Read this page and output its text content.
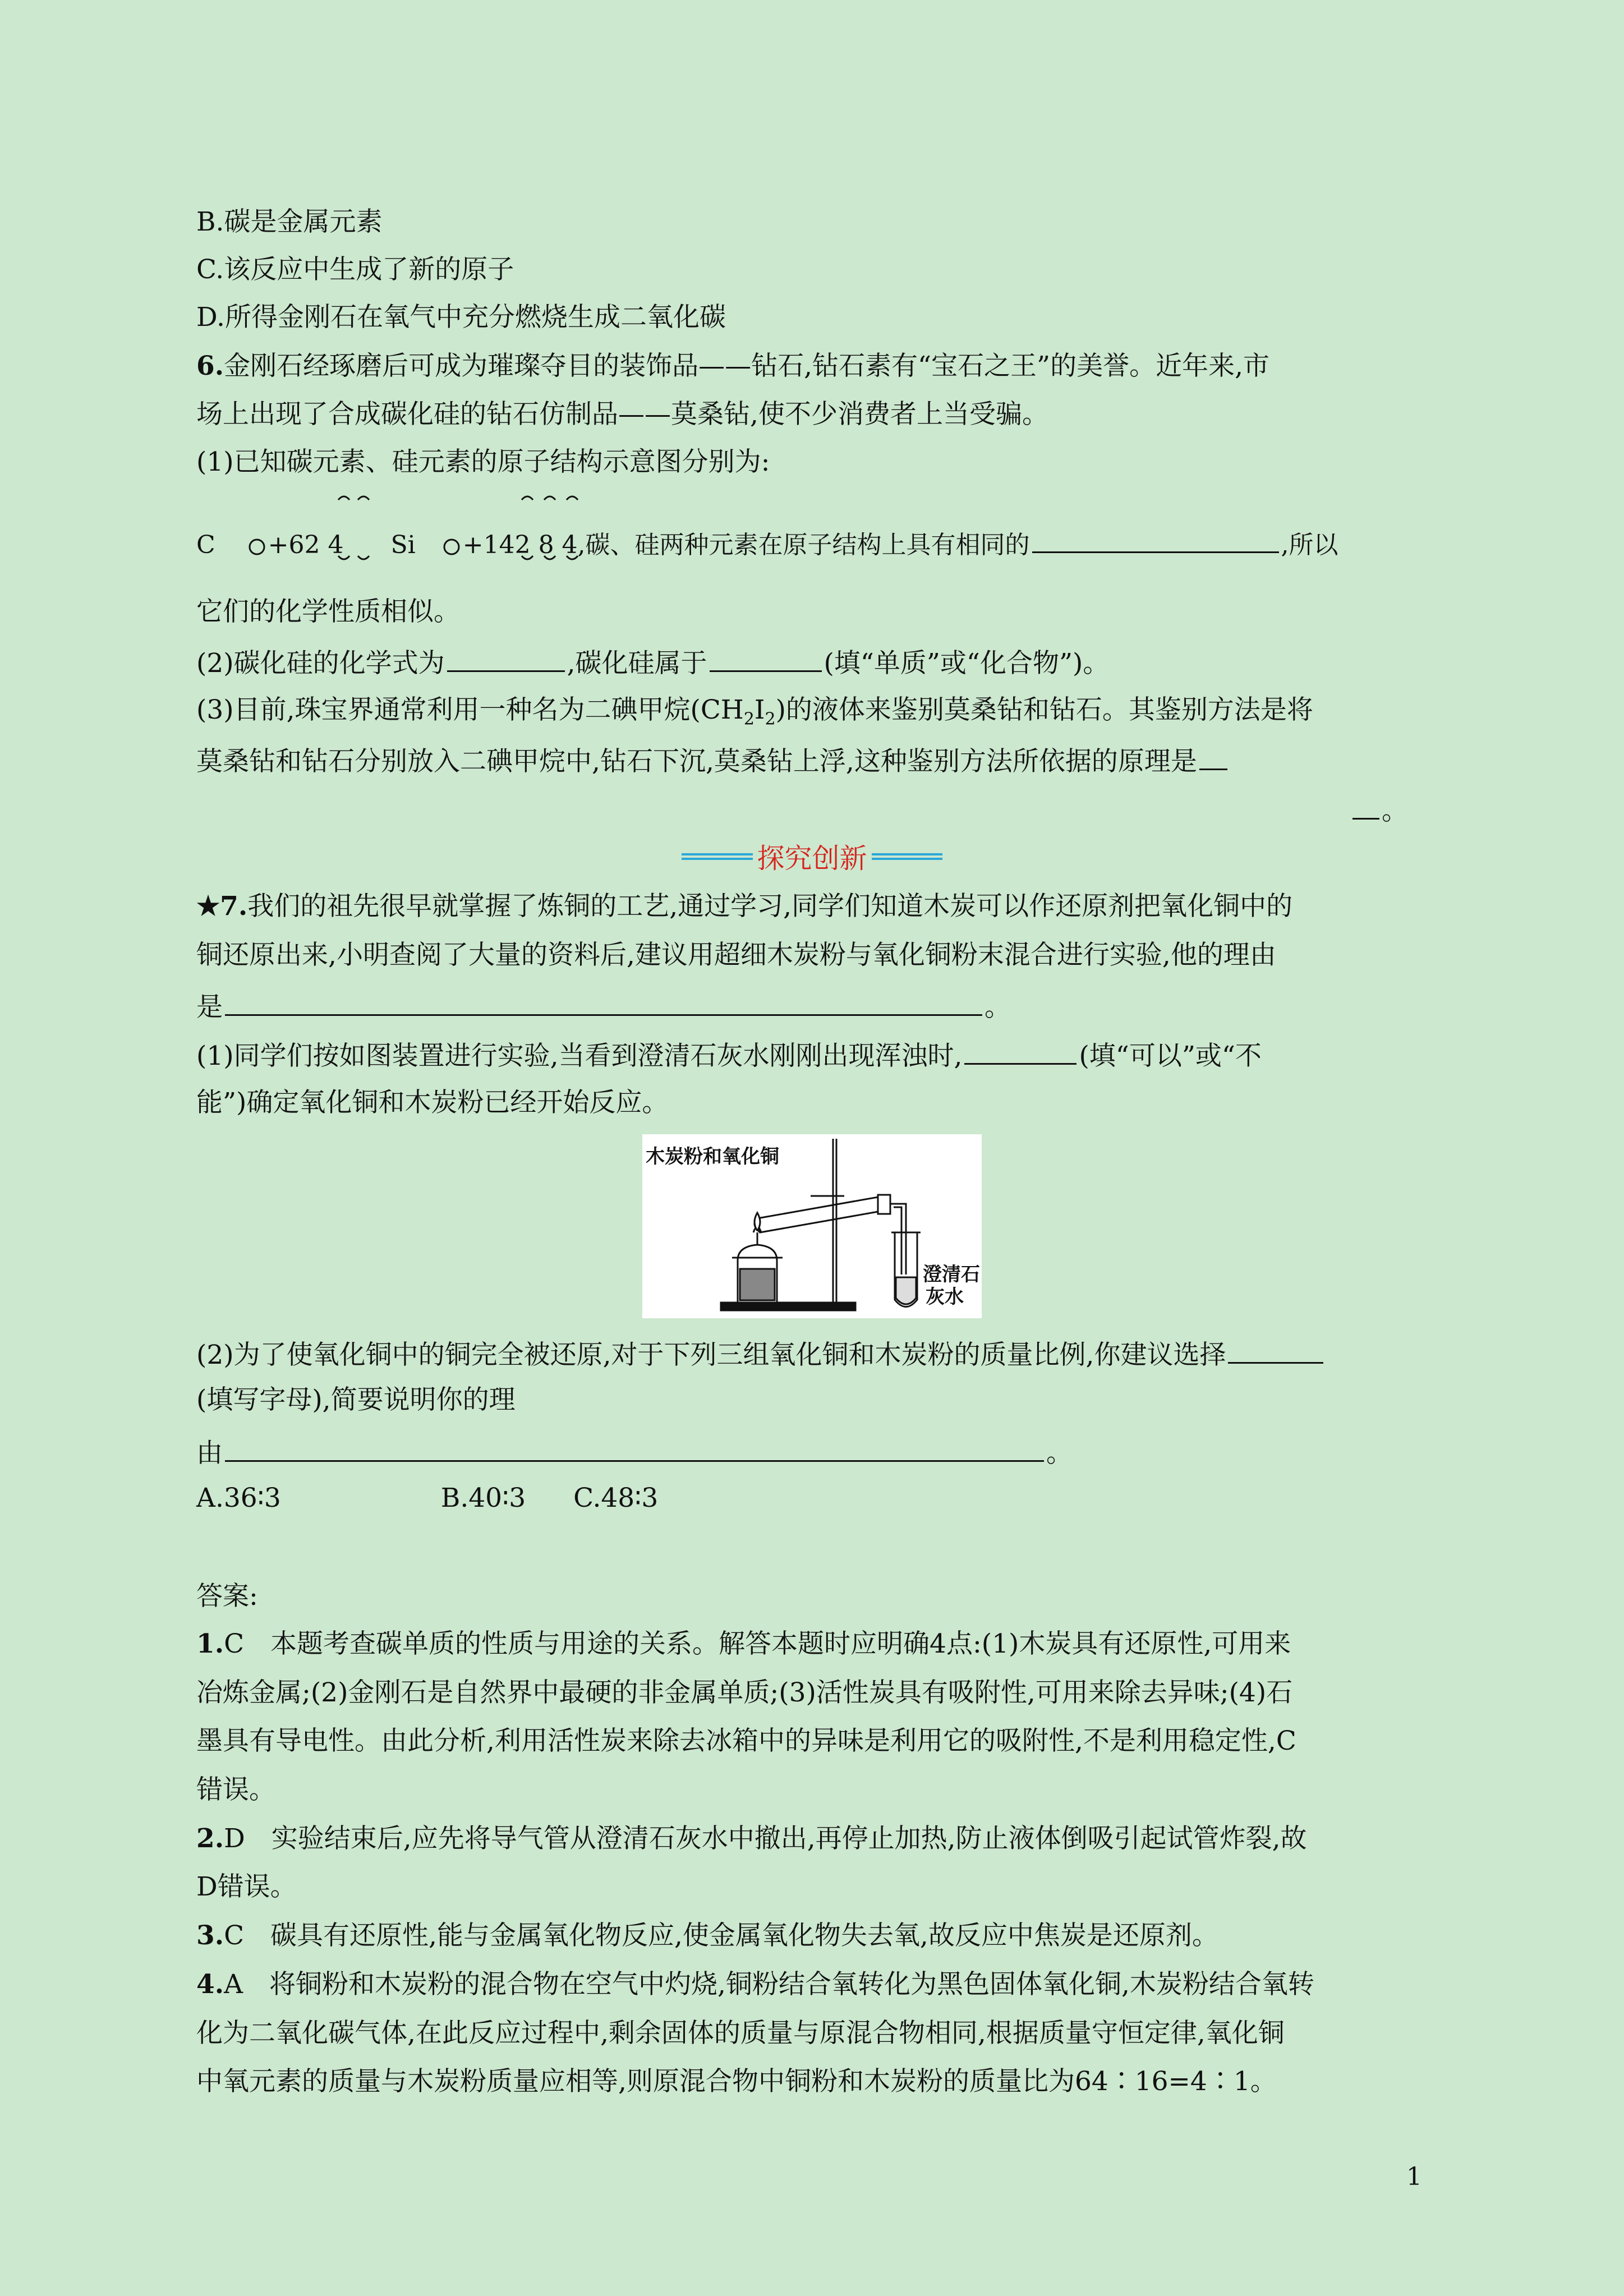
B.碳是金属元素
C.该反应中生成了新的原子
D.所得金刚石在氧气中充分燃烧生成二氧化碳
6.金刚石经琢磨后可成为璀璨夺目的装饰品——钻石,钻石素有“宝石之王”的美誉。近年来,市
场上出现了合成碳化硅的钻石仿制品——莫桑钻,使不少消费者上当受骗。
(1)已知碳元素、硅元素的原子结构示意图分别为:
C +62 4 Si +142 8 4
,碳、硅两种元素在原子结构上具有相同的	,所以
它们的化学性质相似。
(2)碳化硅的化学式为	,碳化硅属于	(填“单质”或“化合物”)。
(3)目前,珠宝界通常利用一种名为二碘甲烷$(CH_2I_2)$的液体来鉴别莫桑钻和钻石。其鉴别方法是将
莫桑钻和钻石分别放入二碘甲烷中,钻石下沉,莫桑钻上浮,这种鉴别方法所依据的原理是
。
探究创新
★7.我们的祖先很早就掌握了炼铜的工艺,通过学习,同学们知道木炭可以作还原剂把氧化铜中的
铜还原出来,小明查阅了大量的资料后,建议用超细木炭粉与氧化铜粉末混合进行实验,他的理由
是	。
(1)同学们按如图装置进行实验,当看到澄清石灰水刚刚出现浑浊时,	(填“可以”或“不
能”)确定氧化铜和木炭粉已经开始反应。
木炭粉和氧化铜
澄清石
灰水
(2)为了使氧化铜中的铜完全被还原,对于下列三组氧化铜和木炭粉的质量比例,你建议选择
(填写字母),简要说明你的理
由	。
A.36∶3	B.40∶3 C.48∶3
答案:
1.C　本题考查碳单质的性质与用途的关系。解答本题时应明确4点:(1)木炭具有还原性,可用来
冶炼金属;(2)金刚石是自然界中最硬的非金属单质;(3)活性炭具有吸附性,可用来除去异味;(4)石
墨具有导电性。由此分析,利用活性炭来除去冰箱中的异味是利用它的吸附性,不是利用稳定性,C
错误。
2.D　实验结束后,应先将导气管从澄清石灰水中撤出,再停止加热,防止液体倒吸引起试管炸裂,故
D错误。
3.C　碳具有还原性,能与金属氧化物反应,使金属氧化物失去氧,故反应中焦炭是还原剂。
4.A　将铜粉和木炭粉的混合物在空气中灼烧,铜粉结合氧转化为黑色固体氧化铜,木炭粉结合氧转
化为二氧化碳气体,在此反应过程中,剩余固体的质量与原混合物相同,根据质量守恒定律,氧化铜
中氧元素的质量与木炭粉质量应相等,则原混合物中铜粉和木炭粉的质量比为64∶16=4∶1。
1
